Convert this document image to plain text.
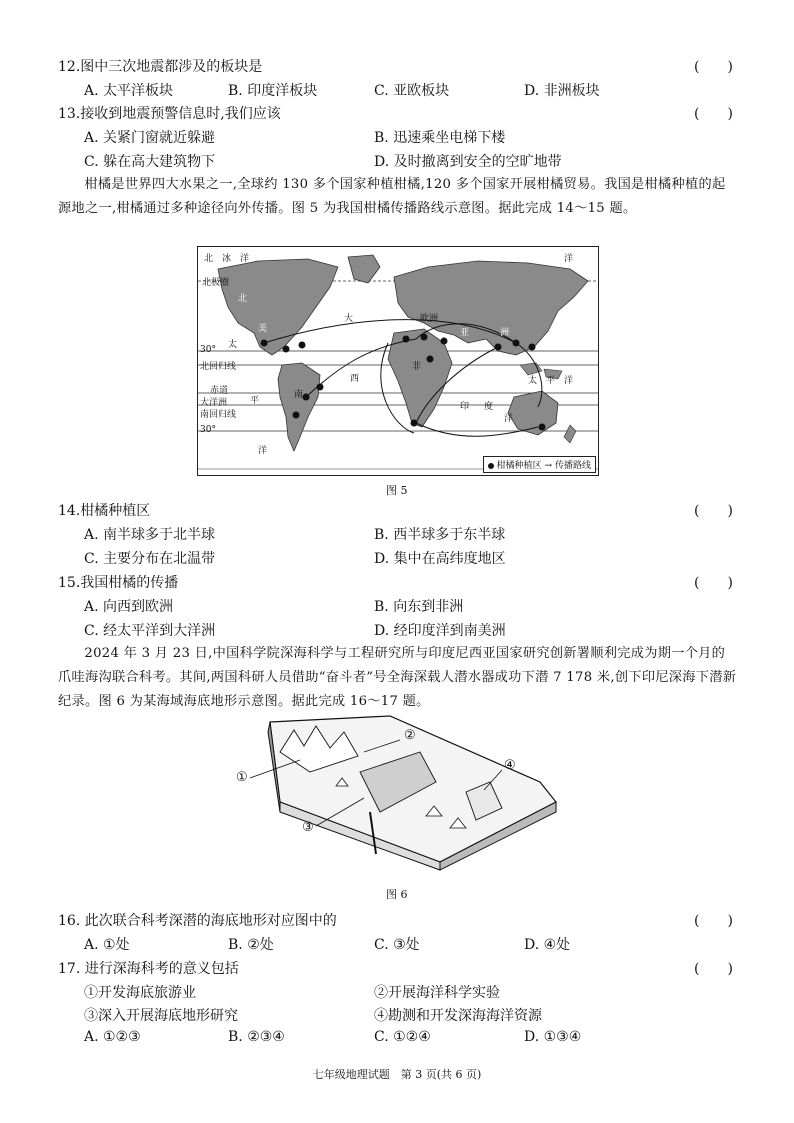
12.图中三次地震都涉及的板块是	(　　)
A. 太平洋板块	B. 印度洋板块	C. 亚欧板块	D. 非洲板块
13.接收到地震预警信息时,我们应该	(　　)
A. 关紧门窗就近躲避	B. 迅速乘坐电梯下楼
C. 躲在高大建筑物下	D. 及时撤离到安全的空旷地带
柑橘是世界四大水果之一,全球约 130 多个国家种植柑橘,120 多个国家开展柑橘贸易。我国是柑橘种植的起源地之一,柑橘通过多种途径向外传播。图 5 为我国柑橘传播路线示意图。据此完成 14～15 题。
北　冰　洋	洋
北极圈
北
大	欧洲
亚	洲
美
太
30°
北回归线
赤道
西
大洋洲	平
太　平　洋
南
非
印 度
南回归线
30°
洋
洋
柑橘种植区 → 传播路线
图 5
14.柑橘种植区	(　　)
A. 南半球多于北半球	B. 西半球多于东半球
C. 主要分布在北温带	D. 集中在高纬度地区
15.我国柑橘的传播	(　　)
A. 向西到欧洲	B. 向东到非洲
C. 经太平洋到大洋洲	D. 经印度洋到南美洲
2024 年 3 月 23 日,中国科学院深海科学与工程研究所与印度尼西亚国家研究创新署顺利完成为期一个月的爪哇海沟联合科考。其间,两国科研人员借助“奋斗者”号全海深载人潜水器成功下潜 7 178 米,创下印尼深海下潜新纪录。图 6 为某海域海底地形示意图。据此完成 16～17 题。
①
②
③
④
图 6
16. 此次联合科考深潜的海底地形对应图中的	(　　)
A. ①处	B. ②处	C. ③处	D. ④处
17. 进行深海科考的意义包括	(　　)
①开发海底旅游业	②开展海洋科学实验
③深入开展海底地形研究	④勘测和开发深海海洋资源
A. ①②③	B. ②③④	C. ①②④	D. ①③④
七年级地理试题　第 3 页(共 6 页)
